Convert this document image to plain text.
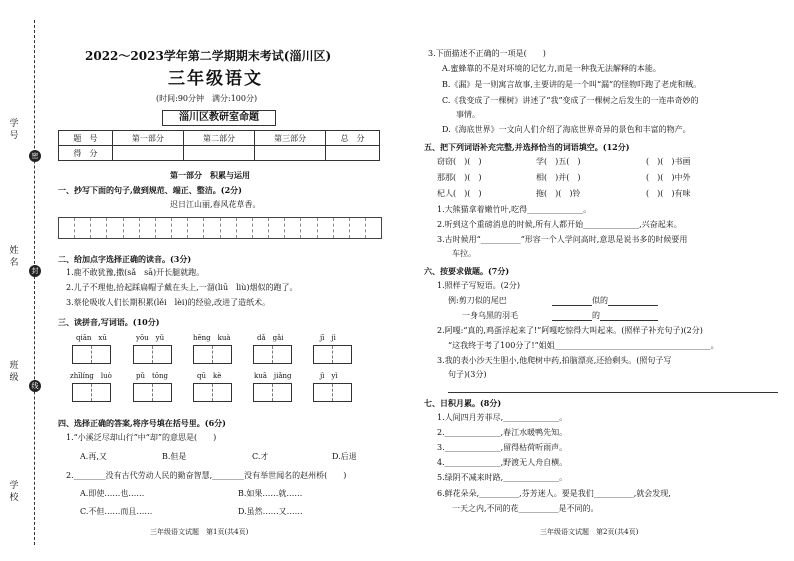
学号
姓名
班级
学校
密
封
线
2022～2023学年第二学期期末考试(淄川区)
三年级语文
(时间:90分钟　满分:100分)
淄川区教研室命题
题　号	第一部分	第二部分	第三部分	总　分
得　分				
第一部分　积累与运用
一、抄写下面的句子,做到规范、端正、整洁。(2分)
迟日江山丽,春风花草香。
二、给加点字选择正确的读音。(3分)
1.鹿不敢犹豫,撒(sǎ　sā)开长腿就跑。
2.儿子不理他,拾起踩扁帽子戴在头上,一溜(liū　liù)烟似的跑了。
3.蔡伦吸收人们长期积累(lěi　lèi)的经验,改进了造纸术。
三、读拼音,写词语。(10分)
qiān　xū	yōu　yǔ	hēng　kuà	dǎ　gǎi	jī　jì
zhīlíng　luò	pǔ　tōng	qū　kè	kuā　jiǎng	jì　yì
四、选择正确的答案,将序号填在括号里。(6分)
1.“小溪泛尽却山行”中“却”的意思是(　　)
A.再,又	B.但是	C.才	D.后退
2.________没有古代劳动人民的勤奋智慧,________没有举世闻名的赵州桥(　　)
A.即使……也……	B.如果……就……
C.不但……而且……	D.虽然……又……
三年级语文试题　第1页(共4页)
3.下面描述不正确的一项是(　　)
A.蜜蜂靠的不是对环境的记忆力,而是一种我无法解释的本能。
B.《漏》是一则寓言故事,主要讲的是一个叫“漏”的怪物吓跑了老虎和贼。
C.《我变成了一棵树》讲述了“我”变成了一棵树之后发生的一连串奇妙的
事情。
D.《海底世界》一文向人们介绍了海底世界奇异的景色和丰富的物产。
五、把下列词语补充完整,并选择恰当的词语填空。(12分)
窃窃(　)(　)	学(　)五(　)	(　)(　)书画
那那(　)(　)	相(　)并(　)	(　)(　)中外
杞人(　)(　)	拖(　)(　)铃	(　)(　)有味
1.大熊猫拿着嫩竹叶,吃得______________。
2.听到这个重磅消息的时候,所有人都开始______________,兴奋起来。
3.古时候用“__________”形容一个人学问高时,意思是说书多的时候要用
车拉。
六、按要求做题。(7分)
1.照样子写短语。(2分)
例:剪刀似的尾巴
一身乌黑的羽毛
似的
的
2.阿嘎:“真的,鸡蛋浮起来了!”阿嘎吃惊得大叫起来。(照样子补充句子)(2分)
“这我终于考了100分了!”姐姐_______________________________________。
3.我的表小沙天生胆小,他爬树中药,拍脑漂亮,还拾剩头。(照句子写
句子)(3分)
七、日积月累。(8分)
1.人间四月芳菲尽,______________。
2.______________,春江水暖鸭先知。
3.______________,留得枯荷听雨声。
4.______________,野渡无人舟自横。
5.绿阴不减来时路,______________。
6.鲜花朵朵,__________,芬芳迷人。要是我们__________,就会发现,
一天之内,不同的花__________是不同的。
三年级语文试题　第2页(共4页)
